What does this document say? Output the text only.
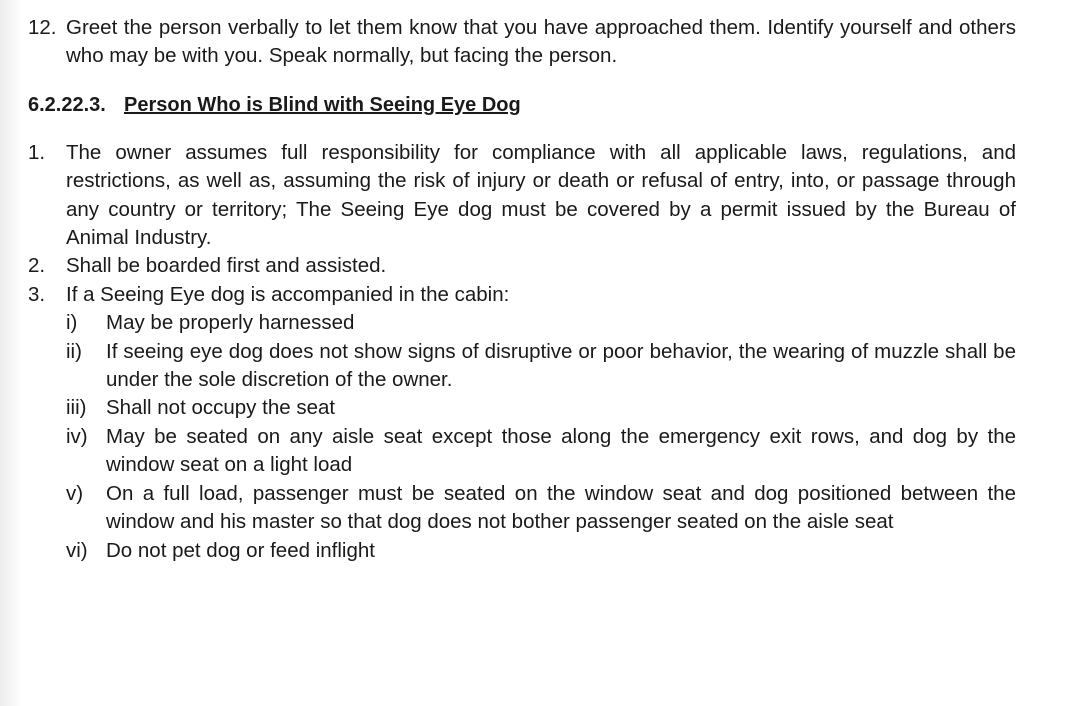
12. Greet the person verbally to let them know that you have approached them. Identify yourself and others who may be with you. Speak normally, but facing the person.
6.2.22.3. Person Who is Blind with Seeing Eye Dog
1. The owner assumes full responsibility for compliance with all applicable laws, regulations, and restrictions, as well as, assuming the risk of injury or death or refusal of entry, into, or passage through any country or territory; The Seeing Eye dog must be covered by a permit issued by the Bureau of Animal Industry.
2. Shall be boarded first and assisted.
3. If a Seeing Eye dog is accompanied in the cabin:
i) May be properly harnessed
ii) If seeing eye dog does not show signs of disruptive or poor behavior, the wearing of muzzle shall be under the sole discretion of the owner.
iii) Shall not occupy the seat
iv) May be seated on any aisle seat except those along the emergency exit rows, and dog by the window seat on a light load
v) On a full load, passenger must be seated on the window seat and dog positioned between the window and his master so that dog does not bother passenger seated on the aisle seat
vi) Do not pet dog or feed inflight
